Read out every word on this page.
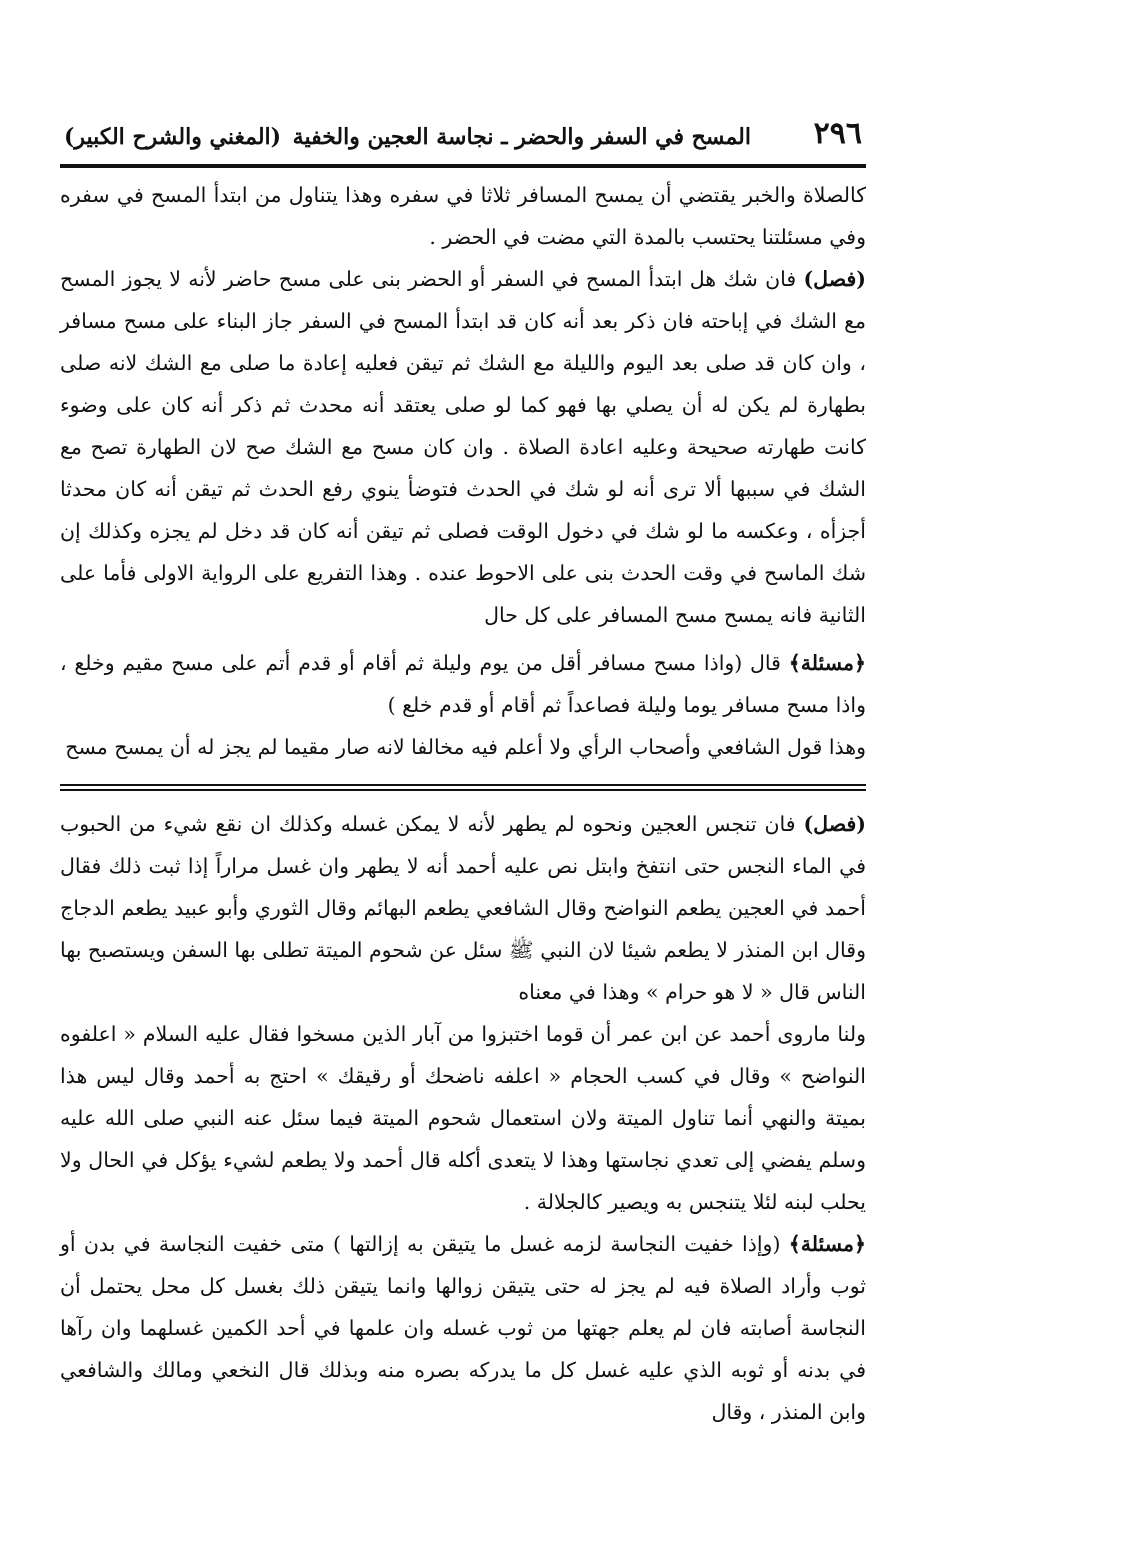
٢٩٦
المسح في السفر والحضر ـ نجاسة العجين والخفية
(المغني والشرح الكبير)

كالصلاة والخبر يقتضي أن يمسح المسافر ثلاثا في سفره وهذا يتناول من ابتدأ المسح في سفره وفي مسئلتنا يحتسب بالمدة التي مضت في الحضر .

(فصل) فان شك هل ابتدأ المسح في السفر أو الحضر بنى على مسح حاضر لأنه لا يجوز المسح مع الشك في إباحته فان ذكر بعد أنه كان قد ابتدأ المسح في السفر جاز البناء على مسح مسافر ، وان كان قد صلى بعد اليوم والليلة مع الشك ثم تيقن فعليه إعادة ما صلى مع الشك لانه صلى بطهارة لم يكن له أن يصلي بها فهو كما لو صلى يعتقد أنه محدث ثم ذكر أنه كان على وضوء كانت طهارته صحيحة وعليه اعادة الصلاة . وان كان مسح مع الشك صح لان الطهارة تصح مع الشك في سببها ألا ترى أنه لو شك في الحدث فتوضأ ينوي رفع الحدث ثم تيقن أنه كان محدثا أجزأه ، وعكسه ما لو شك في دخول الوقت فصلى ثم تيقن أنه كان قد دخل لم يجزه وكذلك إن شك الماسح في وقت الحدث بنى على الاحوط عنده . وهذا التفريع على الرواية الاولى فأما على الثانية فانه يمسح مسح المسافر على كل حال

﴿مسئلة﴾ قال (واذا مسح مسافر أقل من يوم وليلة ثم أقام أو قدم أتم على مسح مقيم وخلع ، واذا مسح مسافر يوما وليلة فصاعداً ثم أقام أو قدم خلع )

وهذا قول الشافعي وأصحاب الرأي ولا أعلم فيه مخالفا لانه صار مقيما لم يجز له أن يمسح مسح

(فصل) فان تنجس العجين ونحوه لم يطهر لأنه لا يمكن غسله وكذلك ان نقع شيء من الحبوب في الماء النجس حتى انتفخ وابتل نص عليه أحمد أنه لا يطهر وان غسل مراراً إذا ثبت ذلك فقال أحمد في العجين يطعم النواضح وقال الشافعي يطعم البهائم وقال الثوري وأبو عبيد يطعم الدجاج وقال ابن المنذر لا يطعم شيئا لان النبي ﷺ سئل عن شحوم الميتة تطلى بها السفن ويستصبح بها الناس قال « لا هو حرام » وهذا في معناه

ولنا ماروى أحمد عن ابن عمر أن قوما اختبزوا من آبار الذين مسخوا فقال عليه السلام « اعلفوه النواضح » وقال في كسب الحجام « اعلفه ناضحك أو رقيقك » احتج به أحمد وقال ليس هذا بميتة والنهي أنما تناول الميتة ولان استعمال شحوم الميتة فيما سئل عنه النبي صلى الله عليه وسلم يفضي إلى تعدي نجاستها وهذا لا يتعدى أكله قال أحمد ولا يطعم لشيء يؤكل في الحال ولا يحلب لبنه لئلا يتنجس به ويصير كالجلالة .

﴿مسئلة﴾ (وإذا خفيت النجاسة لزمه غسل ما يتيقن به إزالتها ) متى خفيت النجاسة في بدن أو ثوب وأراد الصلاة فيه لم يجز له حتى يتيقن زوالها وانما يتيقن ذلك بغسل كل محل يحتمل أن النجاسة أصابته فان لم يعلم جهتها من ثوب غسله وان علمها في أحد الكمين غسلهما وان رآها في بدنه أو ثوبه الذي عليه غسل كل ما يدركه بصره منه وبذلك قال النخعي ومالك والشافعي وابن المنذر ، وقال
